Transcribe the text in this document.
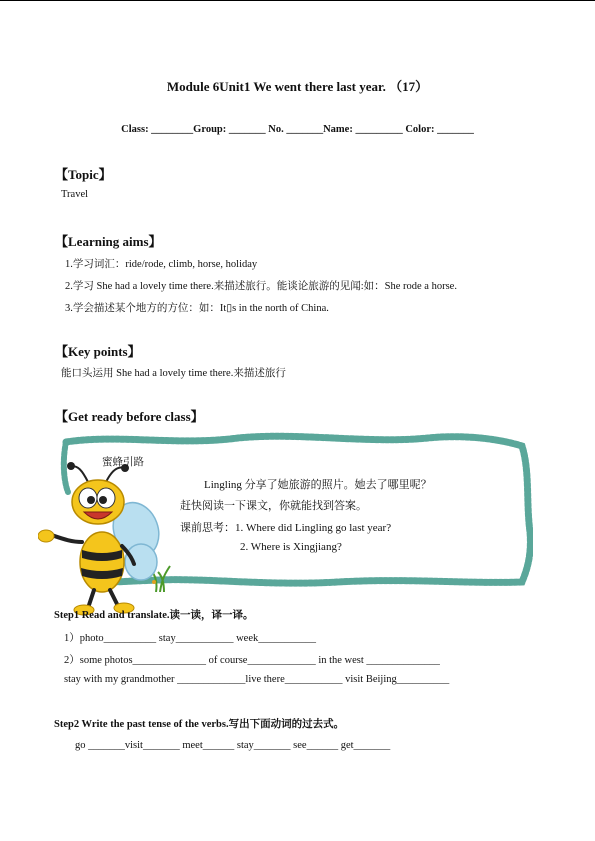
Module 6Unit1 We went there last year. （17）
Class: ________Group: _______ No. _______Name: _________ Color: _______
【Topic】
Travel
【Learning aims】
1.学习词汇：ride/rode, climb, horse, holiday
2.学习 She had a lovely time there.来描述旅行。能谈论旅游的见闻:如：She rode a horse.
3.学会描述某个地方的方位：如：It▯s in the north of China.
【Key points】
能口头运用 She had a lovely time there.来描述旅行
【Get ready before class】
蜜蜂引路
Lingling 分享了她旅游的照片。她去了哪里呢？
赶快阅读一下课文，你就能找到答案。
课前思考：1. Where did Lingling go last year?
2. Where is Xingjiang?
Step1 Read and translate.读一读，译一译。
1）photo__________ stay___________ week___________
2）some photos______________ of course_____________ in the west ______________
stay with my grandmother _____________live there___________ visit Beijing__________
Step2 Write the past tense of the verbs.写出下面动词的过去式。
go _______visit_______ meet______ stay_______ see______ get_______
